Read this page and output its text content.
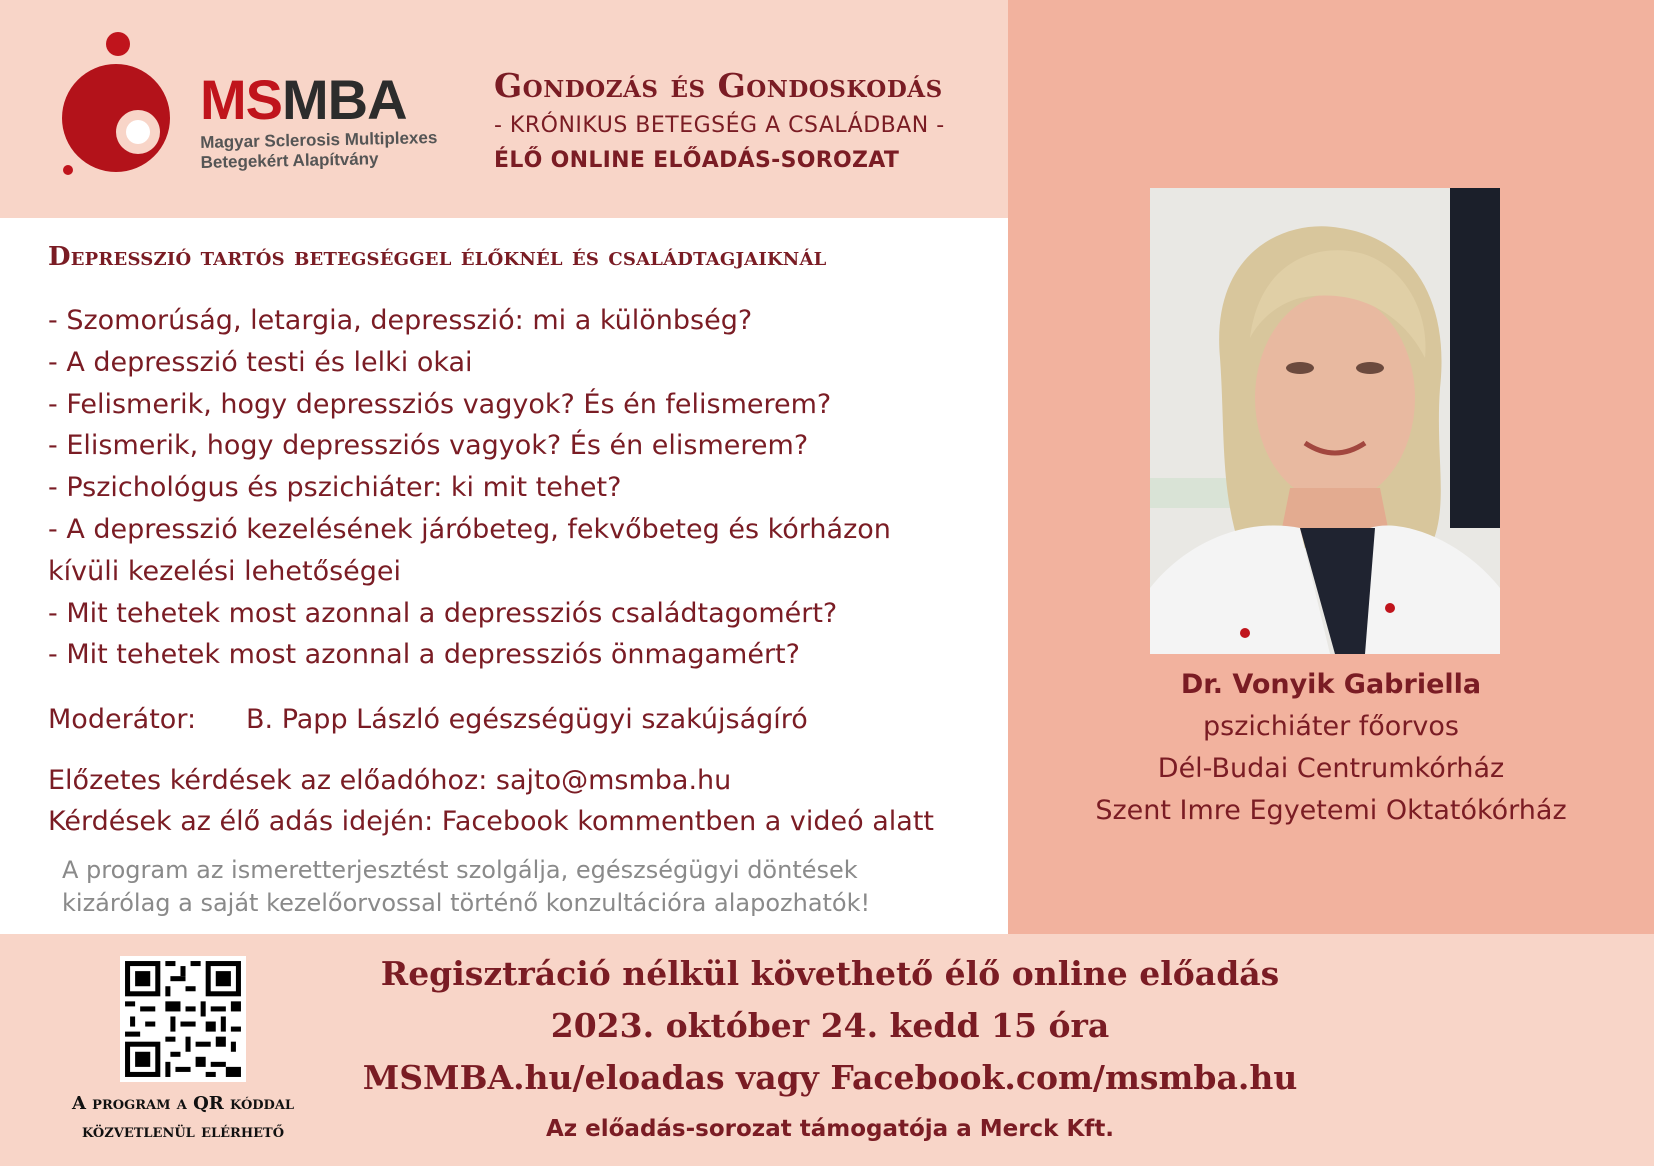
MSMBA
Magyar Sclerosis Multiplexes
Betegekért Alapítvány
Gondozás és Gondoskodás
- KRÓNIKUS BETEGSÉG A CSALÁDBAN -
ÉLŐ ONLINE ELŐADÁS-SOROZAT
Depresszió tartós betegséggel élőknél és családtagjaiknál
- Szomorúság, letargia, depresszió: mi a különbség?
- A depresszió testi és lelki okai
- Felismerik, hogy depressziós vagyok? És én felismerem?
- Elismerik, hogy depressziós vagyok? És én elismerem?
- Pszichológus és pszichiáter: ki mit tehet?
- A depresszió kezelésének járóbeteg, fekvőbeteg és kórházon
kívüli kezelési lehetőségei
- Mit tehetek most azonnal a depressziós családtagomért?
- Mit tehetek most azonnal a depressziós önmagamért?
Moderátor: B. Papp László egészségügyi szakújságíró
Előzetes kérdések az előadóhoz: sajto@msmba.hu
Kérdések az élő adás idején: Facebook kommentben a videó alatt
A program az ismeretterjesztést szolgálja, egészségügyi döntések
kizárólag a saját kezelőorvossal történő konzultációra alapozhatók!
Dr. Vonyik Gabriella
pszichiáter főorvos
Dél-Budai Centrumkórház
Szent Imre Egyetemi Oktatókórház
A program a QR kóddal
közvetlenül elérhető
Regisztráció nélkül követhető élő online előadás
2023. október 24. kedd 15 óra
MSMBA.hu/eloadas vagy Facebook.com/msmba.hu
Az előadás-sorozat támogatója a Merck Kft.
